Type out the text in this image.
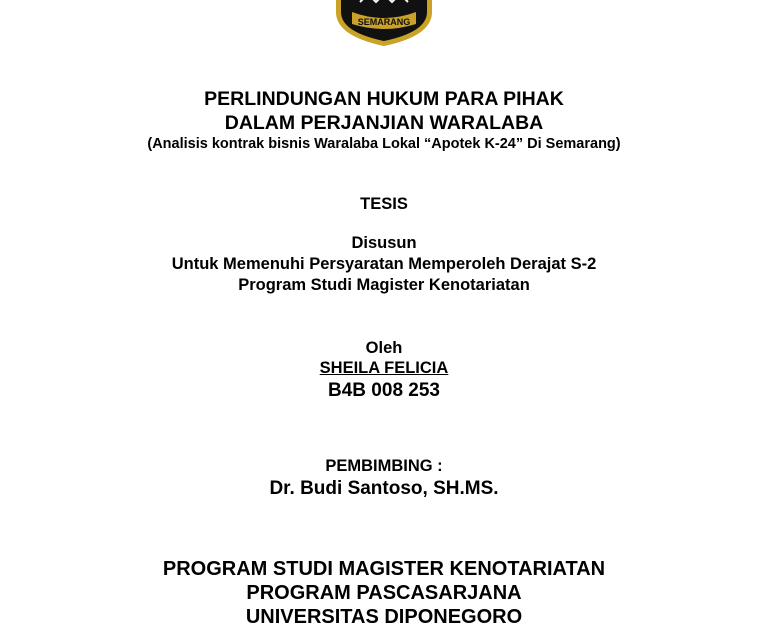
SEMARANG
PERLINDUNGAN HUKUM PARA PIHAK
DALAM PERJANJIAN WARALABA
(Analisis kontrak bisnis Waralaba Lokal “Apotek K-24” Di Semarang)
TESIS
Disusun
Untuk Memenuhi Persyaratan Memperoleh Derajat S-2
Program Studi Magister Kenotariatan
Oleh
SHEILA FELICIA
B4B 008 253
PEMBIMBING :
Dr. Budi Santoso, SH.MS.
PROGRAM STUDI MAGISTER KENOTARIATAN
PROGRAM PASCASARJANA
UNIVERSITAS DIPONEGORO
